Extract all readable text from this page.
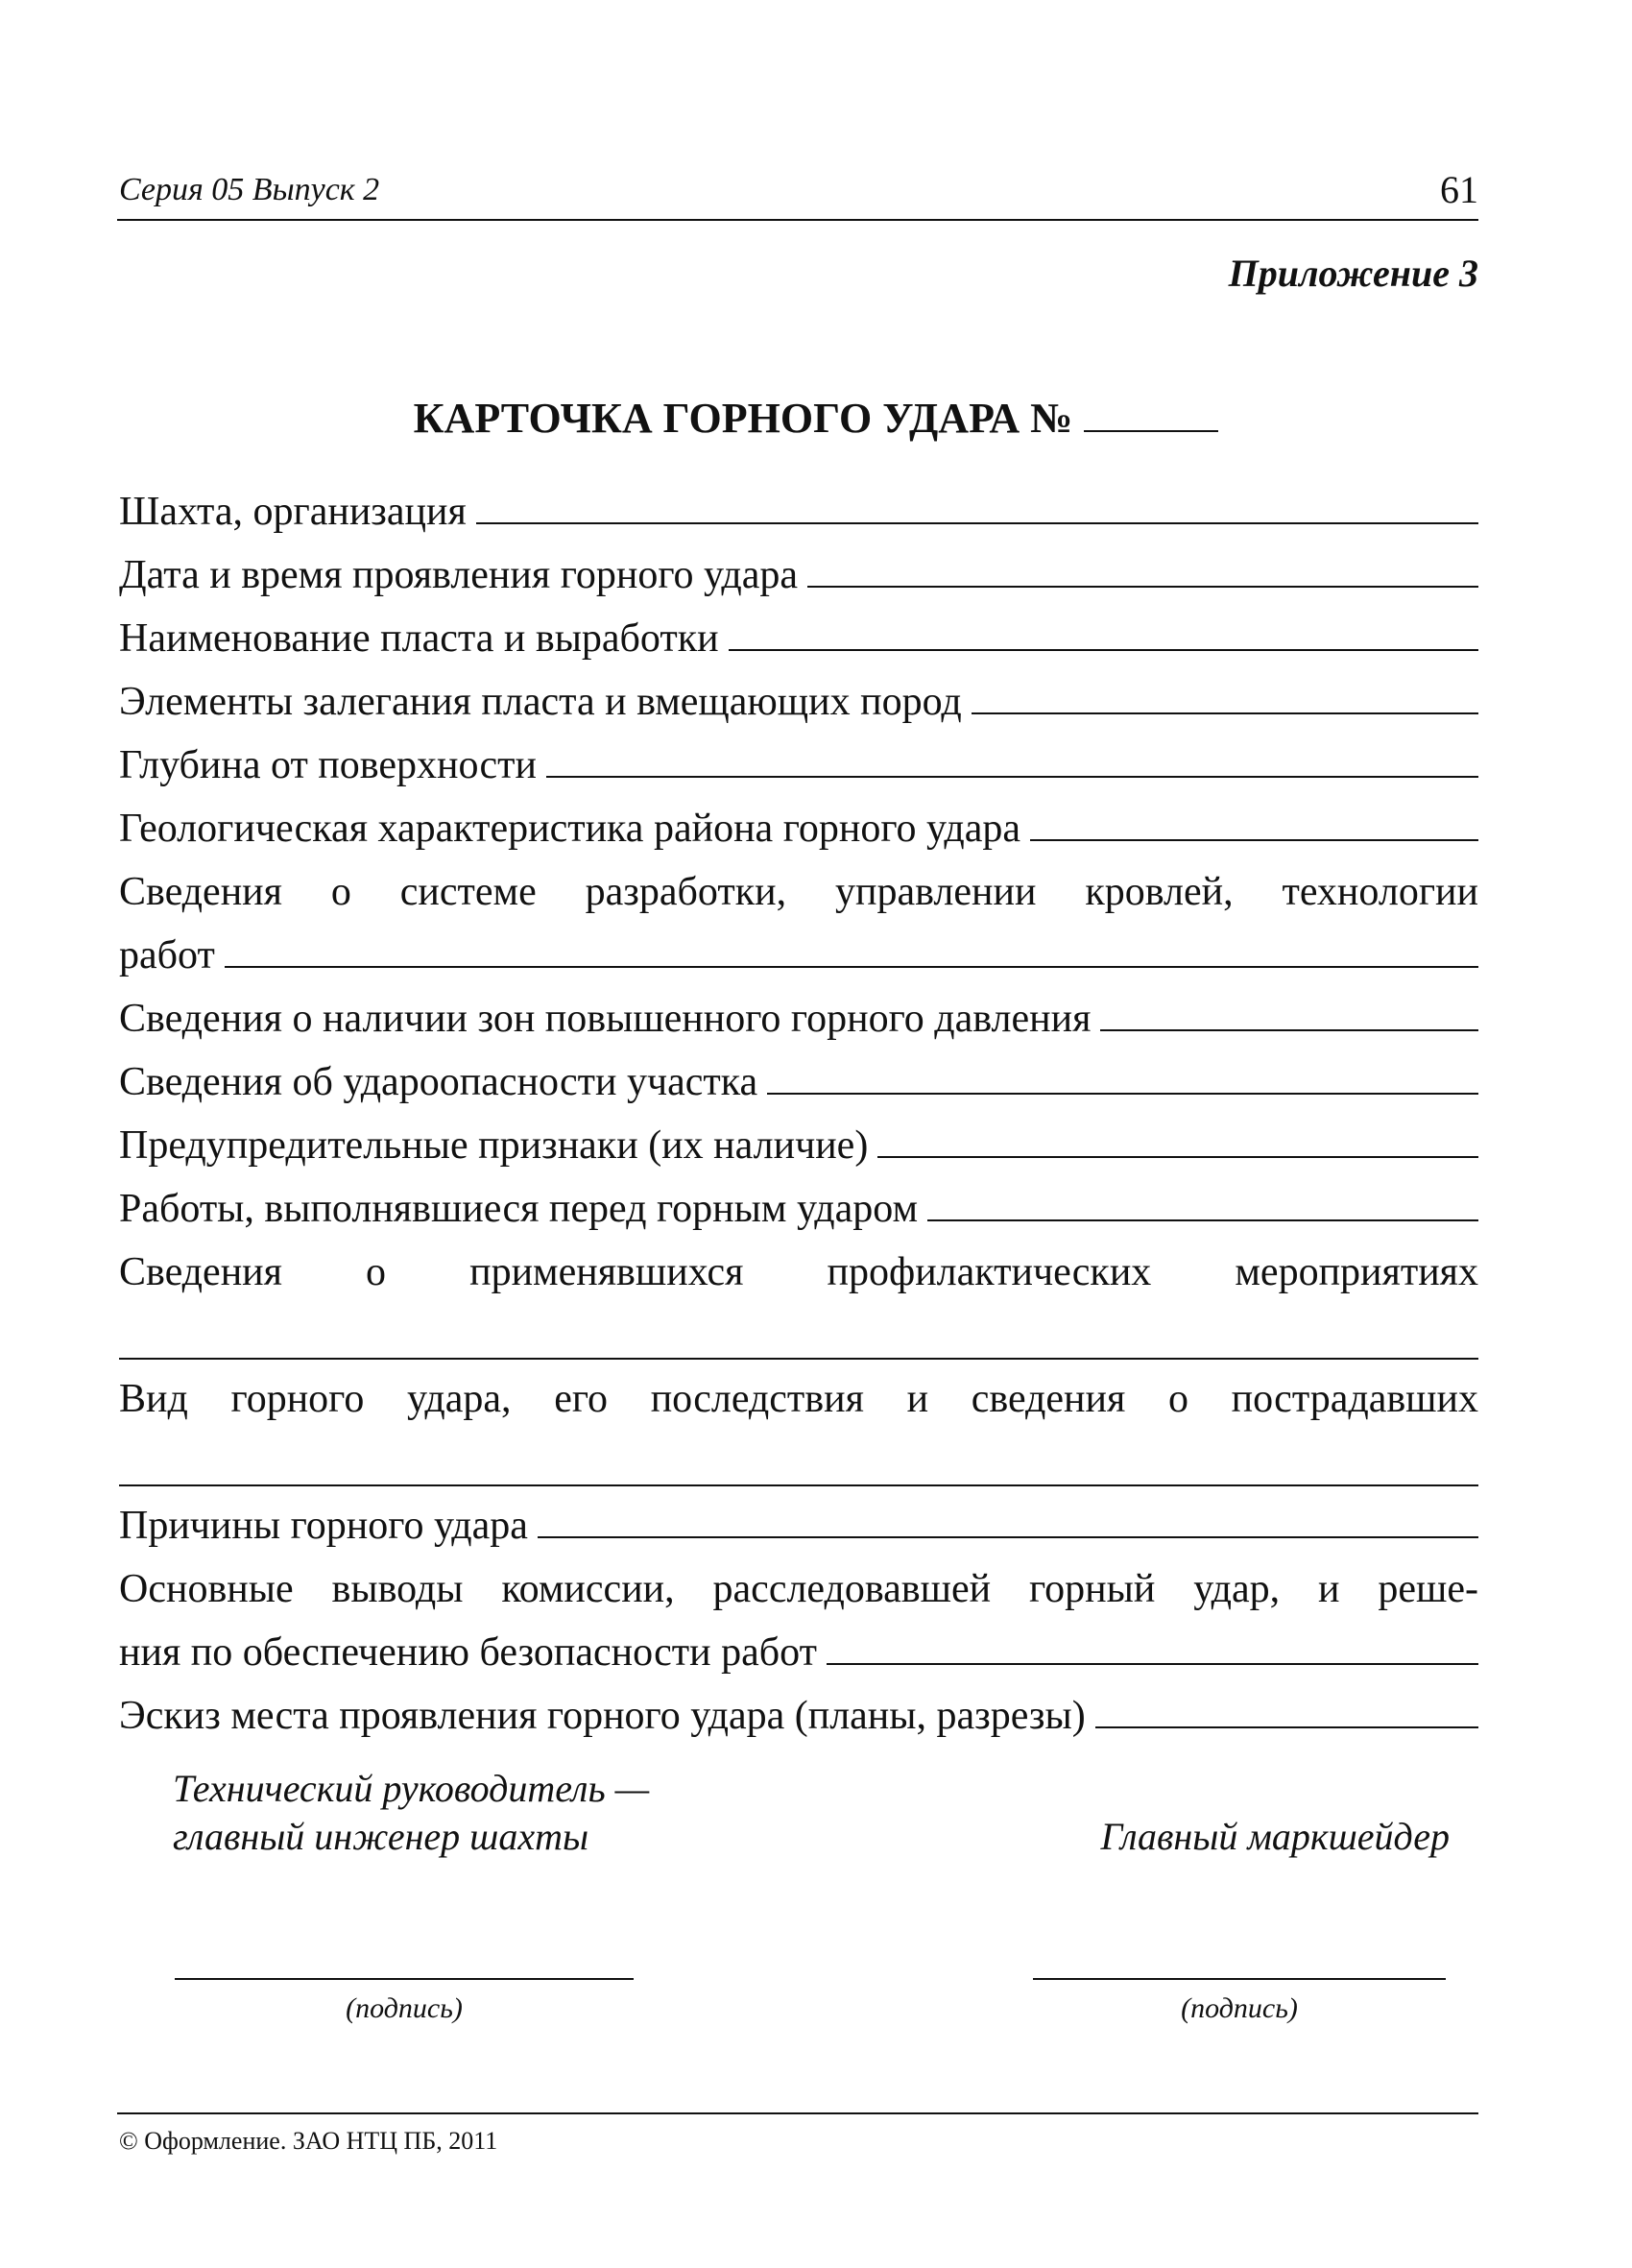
Серия 05 Выпуск 2	61
Приложение 3
КАРТОЧКА ГОРНОГО УДАРА №
Шахта, организация
Дата и время проявления горного удара
Наименование пласта и выработки
Элементы залегания пласта и вмещающих пород
Глубина от поверхности
Геологическая характеристика района горного удара
Сведения о системе разработки, управлении кровлей, технологии
работ
Сведения о наличии зон повышенного горного давления
Сведения об удароопасности участка
Предупредительные признаки (их наличие)
Работы, выполнявшиеся перед горным ударом
Сведения о применявшихся профилактических мероприятиях
Вид горного удара, его последствия и сведения о пострадавших
Причины горного удара
Основные выводы комиссии, расследовавшей горный удар, и реше-
ния по обеспечению безопасности работ
Эскиз места проявления горного удара (планы, разрезы)
Технический руководитель —
главный инженер шахты	Главный маркшейдер
(подпись)	(подпись)
© Оформление. ЗАО НТЦ ПБ, 2011
